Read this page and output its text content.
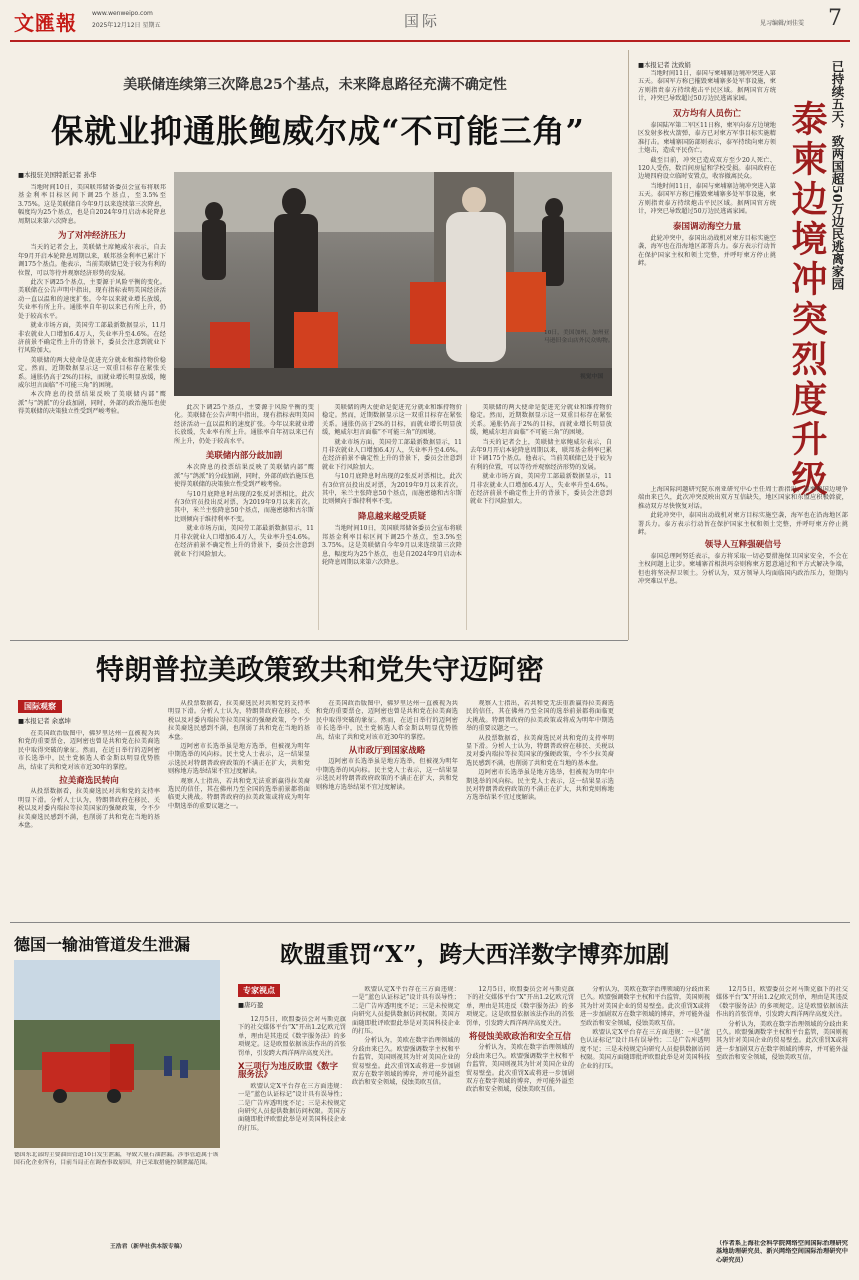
文匯報	www.wenweipo.com
2025年12月12日 星期五	国际	见习编辑/刘佳雯 7
美联储连续第三次降息25个基点，未来降息路径充满不确定性
保就业抑通胀鲍威尔成“不可能三角”
■本报驻美国特派记者 孙华

当地时间10日，美国联邦储备委员会宣布将联邦基金利率目标区间下调25个基点，至3.5%至3.75%。这是美联储自今年9月以来连续第三次降息，幅度均为25个基点，也是自2024年9月启动本轮降息周期以来第六次降息。

为了对冲经济压力

当天的记者会上，美联储主席鲍威尔表示，自去年9月开启本轮降息周期以来，联邦基金利率已累计下调175个基点。他表示，当前美联储已处于较为有利的位置，可以等待并观察经济形势的发展。

此次下调25个基点，主要源于风险平衡的变化。美联储在公告声明中指出，现有指标表明美国经济活动一直以温和的速度扩张。今年以来就业增长放缓，失业率有所上升。通胀率自年初以来已有所上升，仍处于较高水平。

就业市场方面，美国劳工部最新数据显示，11月非农就业人口增加6.4万人，失业率升至4.6%。在经济前景不确定性上升的背景下，委员会注意到就业下行风险加大。

美联储的两大使命是促进充分就业和维持物价稳定。然而，近期数据显示这一双重目标存在紧张关系。通胀仍高于2%的目标，而就业增长明显放缓，鲍威尔坦言面临“不可能三角”的困境。

本次降息的投票结果反映了美联储内部“鹰派”与“鸽派”的分歧加剧，同时，外部的政治施压也使得美联储的决策独立性受到严峻考验。

10日，美国加州，加州亚马逊旧金山店外民众购物。
视觉中国

此次下调25个基点，主要源于风险平衡的变化。美联储在公告声明中指出，现有指标表明美国经济活动一直以温和的速度扩张。今年以来就业增长放缓，失业率有所上升。通胀率自年初以来已有所上升，仍处于较高水平。

美联储内部分歧加剧

本次降息的投票结果反映了美联储内部“鹰派”与“鸽派”的分歧加剧，同时，外部的政治施压也使得美联储的决策独立性受到严峻考验。

与10月底降息时出现的2张反对票相比，此次有3位官员投出反对票，为2019年9月以来首次。其中，米兰主张降息50个基点，而施密德和古尔斯比则倾向于维持利率不变。

就业市场方面，美国劳工部最新数据显示，11月非农就业人口增加6.4万人，失业率升至4.6%。在经济前景不确定性上升的背景下，委员会注意到就业下行风险加大。

美联储的两大使命是促进充分就业和维持物价稳定。然而，近期数据显示这一双重目标存在紧张关系。通胀仍高于2%的目标，而就业增长明显放缓，鲍威尔坦言面临“不可能三角”的困境。

就业市场方面，美国劳工部最新数据显示，11月非农就业人口增加6.4万人，失业率升至4.6%。在经济前景不确定性上升的背景下，委员会注意到就业下行风险加大。

与10月底降息时出现的2张反对票相比，此次有3位官员投出反对票，为2019年9月以来首次。其中，米兰主张降息50个基点，而施密德和古尔斯比则倾向于维持利率不变。

降息越来越受质疑

当地时间10日，美国联邦储备委员会宣布将联邦基金利率目标区间下调25个基点，至3.5%至3.75%。这是美联储自今年9月以来连续第三次降息，幅度均为25个基点，也是自2024年9月启动本轮降息周期以来第六次降息。

美联储的两大使命是促进充分就业和维持物价稳定。然而，近期数据显示这一双重目标存在紧张关系。通胀仍高于2%的目标，而就业增长明显放缓，鲍威尔坦言面临“不可能三角”的困境。

当天的记者会上，美联储主席鲍威尔表示，自去年9月开启本轮降息周期以来，联邦基金利率已累计下调175个基点。他表示，当前美联储已处于较为有利的位置，可以等待并观察经济形势的发展。

就业市场方面，美国劳工部最新数据显示，11月非农就业人口增加6.4万人，失业率升至4.6%。在经济前景不确定性上升的背景下，委员会注意到就业下行风险加大。

■本报记者 沈致娟	已持续五天，致两国超50万边民逃离家园
泰柬边境冲突烈度升级

当地时间11日，泰国与柬埔寨边境冲突进入第五天。泰国军方称已摧毁柬埔寨多处军事设施，柬方则指责泰方持续炮击平民区域。据两国官方统计，冲突已导致超过50万边民逃离家园。

双方均有人员伤亡

泰国陆军第二军区11日称，柬军向泰方边境地区发射多枚火箭弹，泰方已对柬方军事目标实施精准打击。柬埔寨国防部则表示，泰军持续向柬方领土炮击，造成平民伤亡。

截至目前，冲突已造成双方至少20人死亡、120人受伤，数百间房屋和学校受损。泰国政府在边境四府设立临时安置点，收容撤离民众。

当地时间11日，泰国与柬埔寨边境冲突进入第五天。泰国军方称已摧毁柬埔寨多处军事设施，柬方则指责泰方持续炮击平民区域。据两国官方统计，冲突已导致超过50万边民逃离家园。

泰国调动海空力量

此轮冲突中，泰国出动战机对柬方目标实施空袭，海军也在沿海地区部署兵力。泰方表示行动旨在保护国家主权和领土完整，并呼吁柬方停止挑衅。

上海国际问题研究院东南亚研究中心主任周士新指出，泰柬两国边境争端由来已久，此次冲突反映出双方互信缺失，地区国家和东盟应积极斡旋，推动双方尽快恢复对话。

此轮冲突中，泰国出动战机对柬方目标实施空袭，海军也在沿海地区部署兵力。泰方表示行动旨在保护国家主权和领土完整，并呼吁柬方停止挑衅。

领导人互释强硬信号

泰国总理阿努廷表示，泰方将采取一切必要措施保卫国家安全，不会在主权问题上让步。柬埔寨首相洪玛奈则称柬方愿意通过和平方式解决争端，但也将坚决捍卫领土。分析认为，双方领导人均面临国内政治压力，短期内冲突难以平息。

特朗普拉美政策致共和党失守迈阿密
国际观察
■本报记者 余嘉坤

在美国政治版图中，佛罗里达州一直被视为共和党的重要票仓，迈阿密也曾是共和党在拉美裔选民中取得突破的象征。然而，在近日举行的迈阿密市长选举中，民主党候选人希金斯以明显优势胜出，结束了共和党对该市近30年的掌控。

拉美裔选民转向

从投票数据看，拉美裔选民对共和党的支持率明显下滑。分析人士认为，特朗普政府在移民、关税以及对委内瑞拉等拉美国家的强硬政策，令不少拉美裔选民感到不满，也削弱了共和党在当地的基本盘。

从投票数据看，拉美裔选民对共和党的支持率明显下滑。分析人士认为，特朗普政府在移民、关税以及对委内瑞拉等拉美国家的强硬政策，令不少拉美裔选民感到不满，也削弱了共和党在当地的基本盘。

迈阿密市长选举虽是地方选举，但被视为明年中期选举的风向标。民主党人士表示，这一结果显示选民对特朗普政府政策的不满正在扩大，共和党则称地方选举结果不宜过度解读。

观察人士指出，若共和党无法重新赢得拉美裔选民的信任，其在佛州乃至全国的选举前景都将面临更大挑战。特朗普政府的拉美政策或将成为明年中期选举的重要议题之一。

在美国政治版图中，佛罗里达州一直被视为共和党的重要票仓，迈阿密也曾是共和党在拉美裔选民中取得突破的象征。然而，在近日举行的迈阿密市长选举中，民主党候选人希金斯以明显优势胜出，结束了共和党对该市近30年的掌控。

从市政厅到国家战略

迈阿密市长选举虽是地方选举，但被视为明年中期选举的风向标。民主党人士表示，这一结果显示选民对特朗普政府政策的不满正在扩大，共和党则称地方选举结果不宜过度解读。

观察人士指出，若共和党无法重新赢得拉美裔选民的信任，其在佛州乃至全国的选举前景都将面临更大挑战。特朗普政府的拉美政策或将成为明年中期选举的重要议题之一。

从投票数据看，拉美裔选民对共和党的支持率明显下滑。分析人士认为，特朗普政府在移民、关税以及对委内瑞拉等拉美国家的强硬政策，令不少拉美裔选民感到不满，也削弱了共和党在当地的基本盘。

迈阿密市长选举虽是地方选举，但被视为明年中期选举的风向标。民主党人士表示，这一结果显示选民对特朗普政府政策的不满正在扩大，共和党则称地方选举结果不宜过度解读。

德国一输油管道发生泄漏
德国东北部的主要油田管道10日发生泄漏，导致大量石油泄漏。涉事管道属于该国石化企业所有，目前当局正在调查事故原因，并已采取措施控制泄漏范围。
王浩君（新华社供本版专稿）
欧盟重罚“X”，跨大西洋数字博弈加剧
专家视点
■唐巧盈

12月5日，欧盟委员会对马斯克旗下的社交媒体平台“X”开出1.2亿欧元罚单，理由是其违反《数字服务法》的多项规定。这是欧盟依据该法作出的首张罚单，引发跨大西洋两岸高度关注。

X三项行为违反欧盟《数字服务法》

欧盟认定X平台存在三方面违规：一是“蓝色认证标记”设计具有误导性；二是广告库透明度不足；三是未按规定向研究人员提供数据访问权限。美国方面随即批评欧盟此举是对美国科技企业的打压。

欧盟认定X平台存在三方面违规：一是“蓝色认证标记”设计具有误导性；二是广告库透明度不足；三是未按规定向研究人员提供数据访问权限。美国方面随即批评欧盟此举是对美国科技企业的打压。

分析认为，美欧在数字治理领域的分歧由来已久。欧盟强调数字主权和平台监管，美国则视其为针对美国企业的贸易壁垒。此次重罚X或将进一步加剧双方在数字领域的博弈，并可能外溢至政治和安全领域，侵蚀美欧互信。

12月5日，欧盟委员会对马斯克旗下的社交媒体平台“X”开出1.2亿欧元罚单，理由是其违反《数字服务法》的多项规定。这是欧盟依据该法作出的首张罚单，引发跨大西洋两岸高度关注。

将侵蚀美欧政治和安全互信

分析认为，美欧在数字治理领域的分歧由来已久。欧盟强调数字主权和平台监管，美国则视其为针对美国企业的贸易壁垒。此次重罚X或将进一步加剧双方在数字领域的博弈，并可能外溢至政治和安全领域，侵蚀美欧互信。

分析认为，美欧在数字治理领域的分歧由来已久。欧盟强调数字主权和平台监管，美国则视其为针对美国企业的贸易壁垒。此次重罚X或将进一步加剧双方在数字领域的博弈，并可能外溢至政治和安全领域，侵蚀美欧互信。

欧盟认定X平台存在三方面违规：一是“蓝色认证标记”设计具有误导性；二是广告库透明度不足；三是未按规定向研究人员提供数据访问权限。美国方面随即批评欧盟此举是对美国科技企业的打压。

12月5日，欧盟委员会对马斯克旗下的社交媒体平台“X”开出1.2亿欧元罚单，理由是其违反《数字服务法》的多项规定。这是欧盟依据该法作出的首张罚单，引发跨大西洋两岸高度关注。

分析认为，美欧在数字治理领域的分歧由来已久。欧盟强调数字主权和平台监管，美国则视其为针对美国企业的贸易壁垒。此次重罚X或将进一步加剧双方在数字领域的博弈，并可能外溢至政治和安全领域，侵蚀美欧互信。

（作者系上海社会科学院网络空间国际治理研究基地助理研究员、新兴网络空间国际治理研究中心研究员）
